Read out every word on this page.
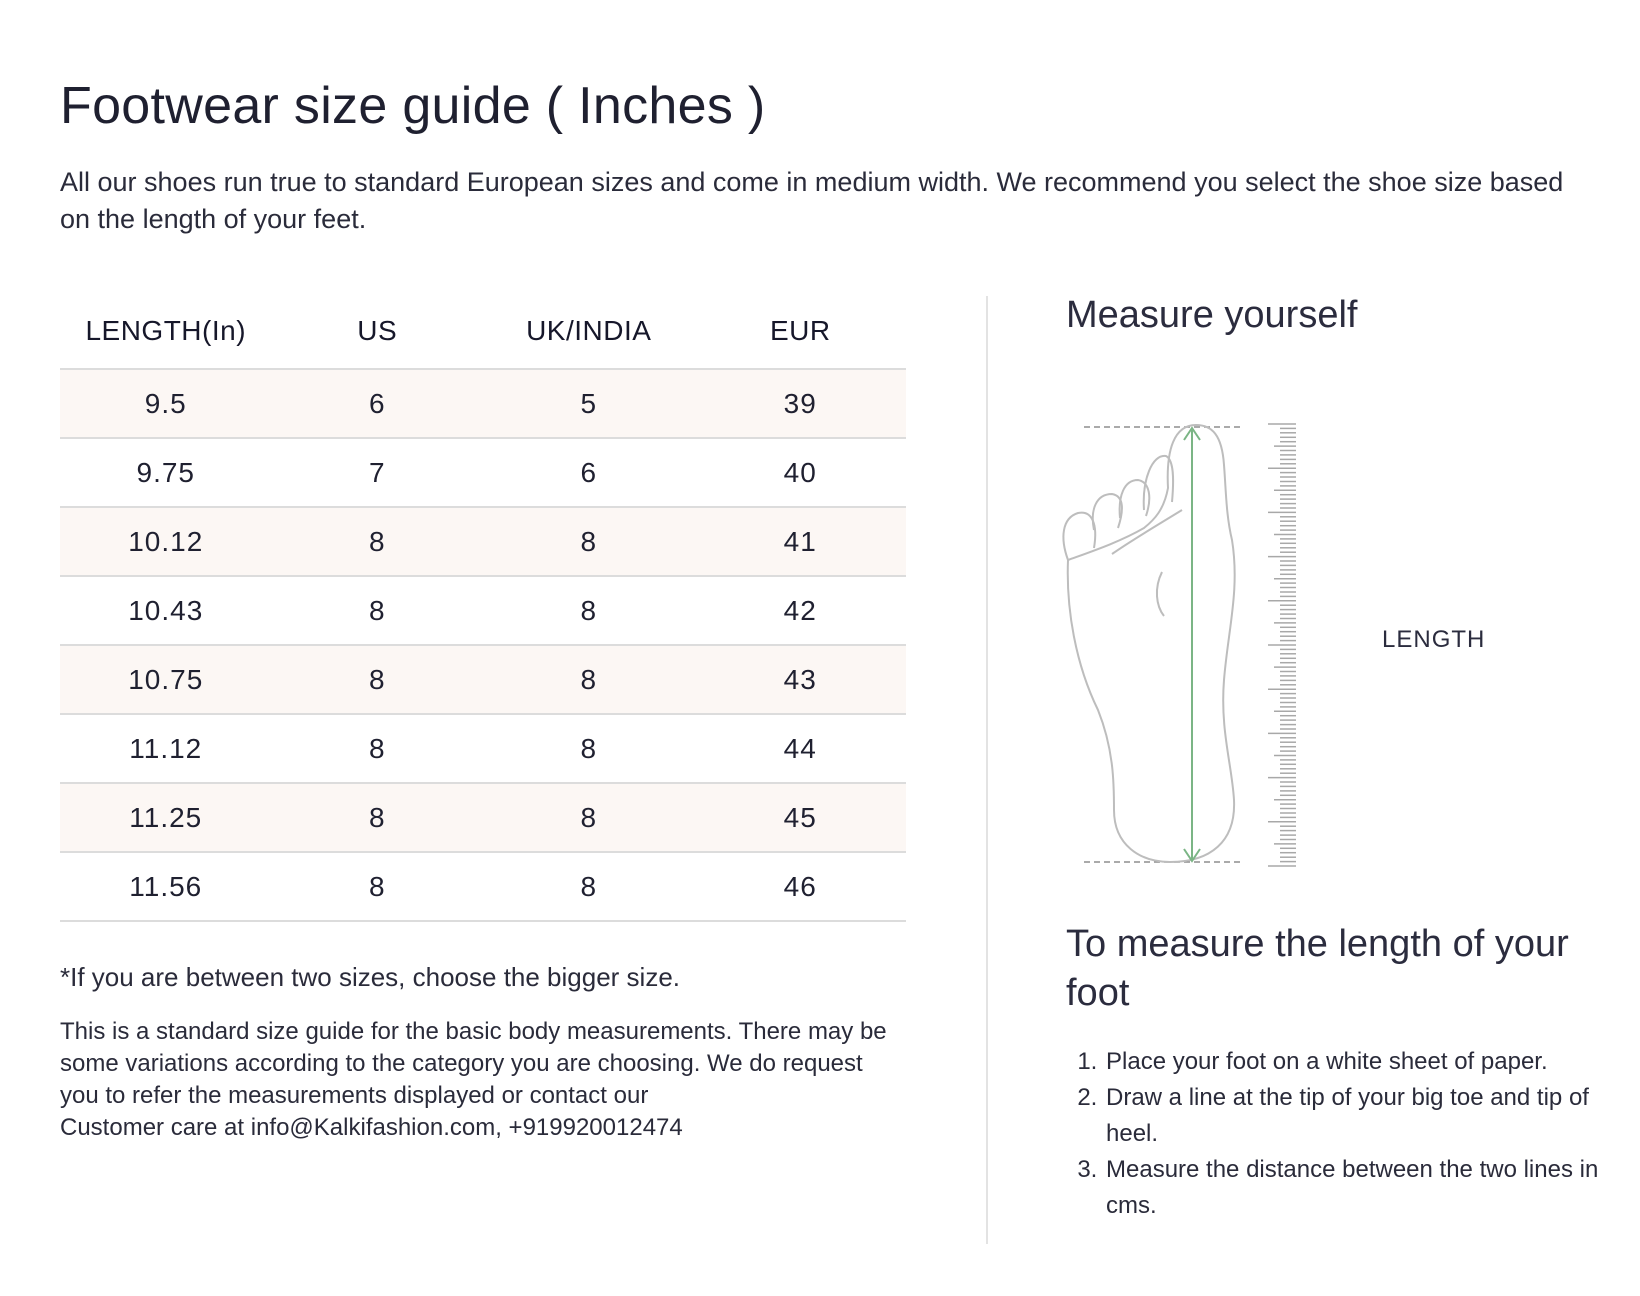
Footwear size guide ( Inches )

All our shoes run true to standard European sizes and come in medium width. We recommend you select the shoe size based on the length of your feet.

LENGTH(In)	US	UK/INDIA	EUR
9.5	6	5	39
9.75	7	6	40
10.12	8	8	41
10.43	8	8	42
10.75	8	8	43
11.12	8	8	44
11.25	8	8	45
11.56	8	8	46

*If you are between two sizes, choose the bigger size.

This is a standard size guide for the basic body measurements. There may be
some variations according to the category you are choosing. We do request
you to refer the measurements displayed or contact our
Customer care at info@Kalkifashion.com, +919920012474

Measure yourself
LENGTH
To measure the length of your foot
1. Place your foot on a white sheet of paper.
2. Draw a line at the tip of your big toe and tip of heel.
3. Measure the distance between the two lines in cms.
